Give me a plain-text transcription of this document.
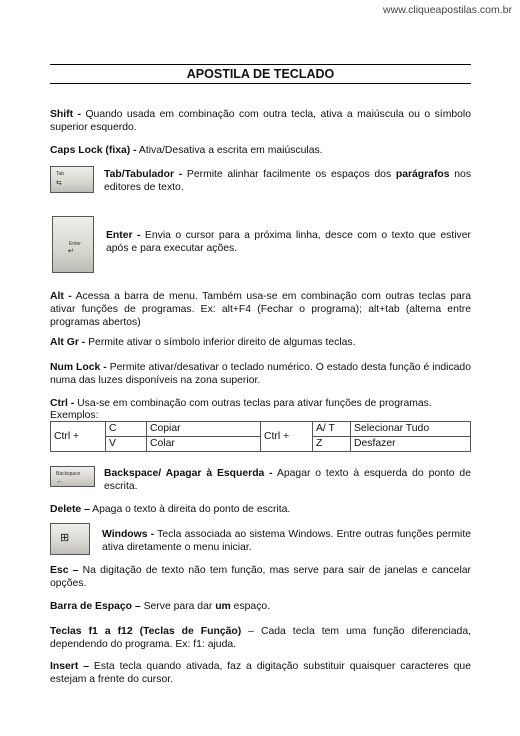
www.cliqueapostilas.com.br
APOSTILA DE TECLADO
Shift - Quando usada em combinação com outra tecla, ativa a maiúscula ou o símbolo superior esquerdo.
Caps Lock (fixa) - Ativa/Desativa a escrita em maiúsculas.
Tab
⇆
Tab/Tabulador - Permite alinhar facilmente os espaços dos parágrafos nos editores de texto.
Enter
↵
Enter - Envia o cursor para a próxima linha, desce com o texto que estiver após e para executar ações.
Alt - Acessa a barra de menu. Também usa-se em combinação com outras teclas para ativar funções de programas. Ex: alt+F4 (Fechar o programa); alt+tab (alterna entre programas abertos)
Alt Gr - Permite ativar o símbolo inferior direito de algumas teclas.
Num Lock - Permite ativar/desativar o teclado numérico. O estado desta função é indicado numa das luzes disponíveis na zona superior.
Ctrl - Usa-se em combinação com outras teclas para ativar funções de programas.
Exemplos:
Ctrl +	C	Copiar	Ctrl +	A/ T	Selecionar Tudo
	V	Colar		Z	Desfazer
Backspace
←
Backspace/ Apagar à Esquerda - Apagar o texto à esquerda do ponto de escrita.
Delete – Apaga o texto à direita do ponto de escrita.
⊞	Windows - Tecla associada ao sistema Windows. Entre outras funções permite ativa diretamente o menu iniciar.
Esc – Na digitação de texto não tem função, mas serve para sair de janelas e cancelar opções.
Barra de Espaço – Serve para dar um espaço.
Teclas f1 a f12 (Teclas de Função) – Cada tecla tem uma função diferenciada, dependendo do programa. Ex: f1: ajuda.
Insert – Esta tecla quando ativada, faz a digitação substituir quaisquer caracteres que estejam a frente do cursor.
